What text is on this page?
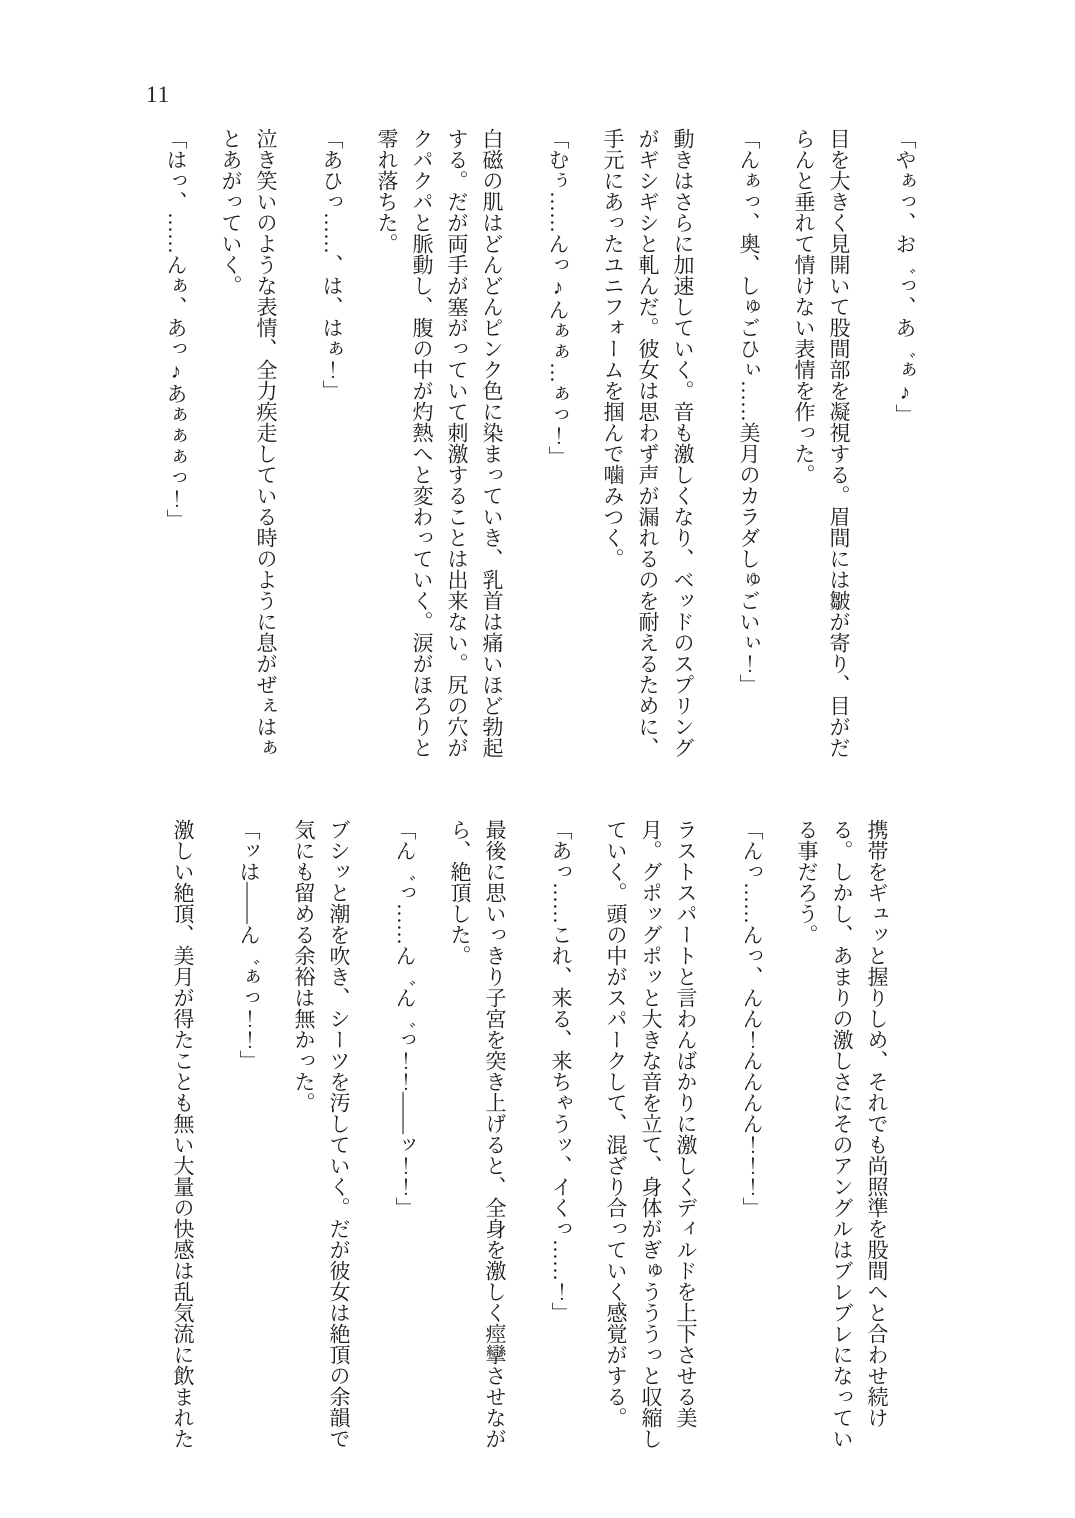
11

「やぁっ、お゛っ、あ゛ぁ♪」

目を大きく見開いて股間部を凝視する。眉間には皺が寄り、目がだらんと垂れて情けない表情を作った。

「んぁっ、奥、しゅごひぃ……美月のカラダしゅごいぃ！」

動きはさらに加速していく。音も激しくなり、ベッドのスプリングがギシギシと軋んだ。彼女は思わず声が漏れるのを耐えるために、手元にあったユニフォームを掴んで噛みつく。

「むぅ……んっ♪んぁぁ…ぁっ！」

白磁の肌はどんどんピンク色に染まっていき、乳首は痛いほど勃起する。だが両手が塞がっていて刺激することは出来ない。尻の穴がクパクパと脈動し、腹の中が灼熱へと変わっていく。涙がほろりと零れ落ちた。

「あひっ……、は、はぁ！」

泣き笑いのような表情、全力疾走している時のように息がぜぇはぁとあがっていく。

「はっ、……んぁ、あっ♪あぁぁぁっ！」

携帯をギュッと握りしめ、それでも尚照準を股間へと合わせ続ける。しかし、あまりの激しさにそのアングルはブレブレになっている事だろう。

「んっ……んっ、んん！んんんん！！！」

ラストスパートと言わんばかりに激しくディルドを上下させる美月。グポッグポッと大きな音を立て、身体がぎゅうううっと収縮していく。頭の中がスパークして、混ざり合っていく感覚がする。

「あっ……これ、来る、来ちゃうッ、イくっ……！」

最後に思いっきり子宮を突き上げると、全身を激しく痙攣させながら、絶頂した。

「ん゛っ……ん゛ん゛っ！！――ッ！！」

ブシッと潮を吹き、シーツを汚していく。だが彼女は絶頂の余韻で気にも留める余裕は無かった。

「ッは――ん゛ぁっ！！」

激しい絶頂、美月が得たことも無い大量の快感は乱気流に飲まれた
